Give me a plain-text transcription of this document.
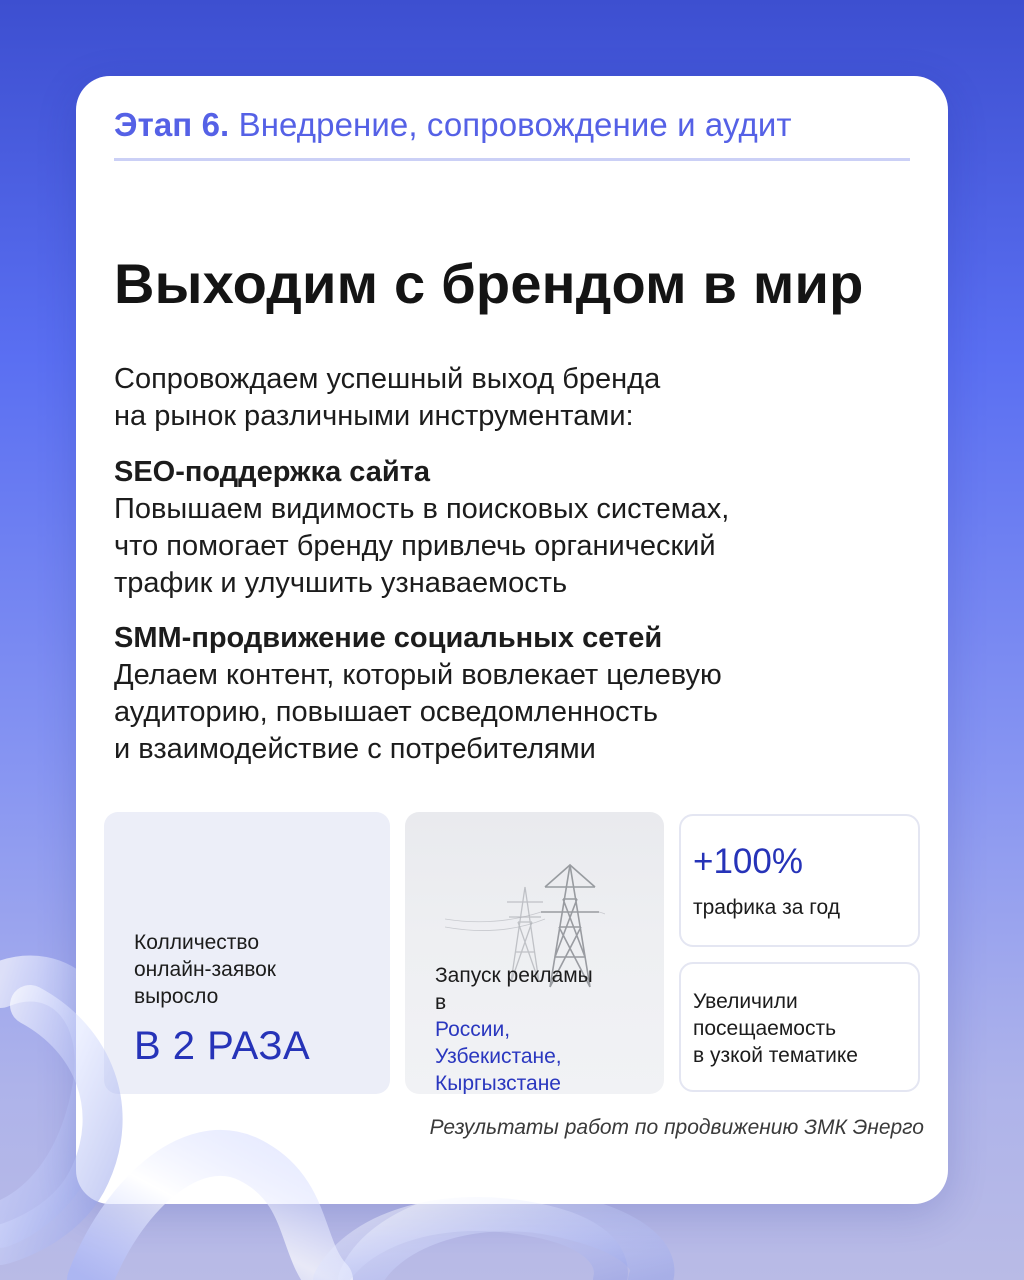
Этап 6. Внедрение, сопровождение и аудит
Выходим с брендом в мир

Сопровождаем успешный выход бренда
на рынок различными инструментами:

SEO-поддержка сайта
Повышаем видимость в поисковых системах,
что помогает бренду привлечь органический
трафик и улучшить узнаваемость
SMM-продвижение социальных сетей
Делаем контент, который вовлекает целевую
аудиторию, повышает осведомленность
и взаимодействие с потребителями
Колличество
онлайн-заявок
выросло
В 2 РАЗА
Запуск рекламы
в
России,
Узбекистане,
Кыргызстане
+100%
трафика за год
Увеличили
посещаемость
в узкой тематике
Результаты работ по продвижению ЗМК Энерго
